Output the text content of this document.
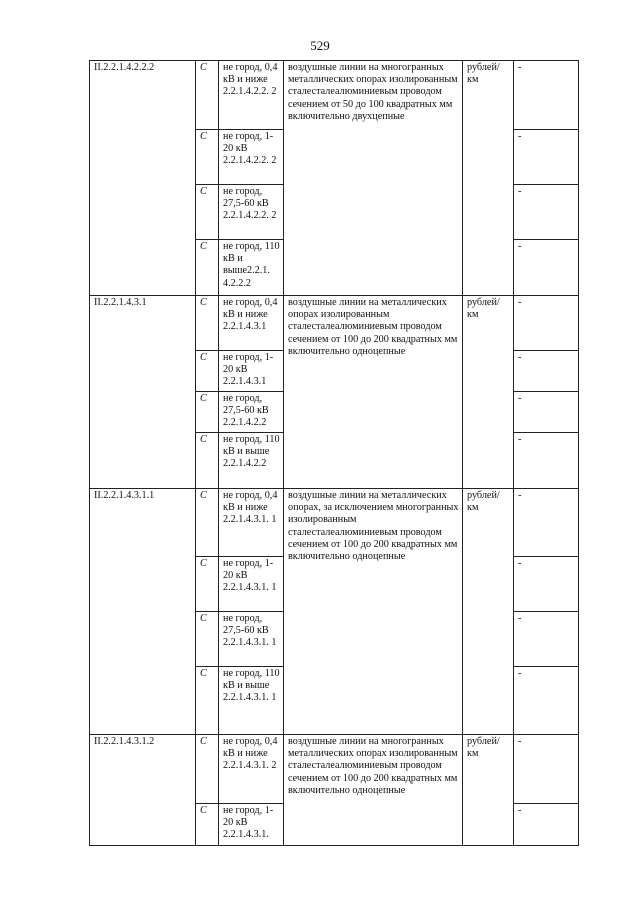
529
II.2.2.1.4.2.2.2	С	не город, 0,4 кВ и ниже 2.2.1.4.2.2. 2	воздушные линии на многогранных металлических опорах изолированным сталесталеалюминиевым проводом сечением от 50 до 100 квадратных мм включительно двухцепные	рублей/ км	-
	С	не город, 1-20 кВ 2.2.1.4.2.2. 2			-
	С	не город, 27,5-60 кВ 2.2.1.4.2.2. 2			-
	С	не город, 110 кВ и выше2.2.1. 4.2.2.2			-
II.2.2.1.4.3.1	С	не город, 0,4 кВ и ниже 2.2.1.4.3.1	воздушные линии на металлических опорах изолированным сталесталеалюминиевым проводом сечением от 100 до 200 квадратных мм включительно одноцепные	рублей/ км	-
	С	не город, 1-20 кВ 2.2.1.4.3.1			-
	С	не город, 27,5-60 кВ 2.2.1.4.2.2			-
	С	не город, 110 кВ и выше 2.2.1.4.2.2			-
II.2.2.1.4.3.1.1	С	не город, 0,4 кВ и ниже 2.2.1.4.3.1. 1	воздушные линии на металлических опорах, за исключением многогранных изолированным сталесталеалюминиевым проводом сечением от 100 до 200 квадратных мм включительно одноцепные	рублей/ км	-
	С	не город, 1-20 кВ 2.2.1.4.3.1. 1			-
	С	не город, 27,5-60 кВ 2.2.1.4.3.1. 1			-
	С	не город, 110 кВ и выше 2.2.1.4.3.1. 1			-
II.2.2.1.4.3.1.2	С	не город, 0,4 кВ и ниже 2.2.1.4.3.1. 2	воздушные линии на многогранных металлических опорах изолированным сталесталеалюминиевым проводом сечением от 100 до 200 квадратных мм включительно одноцепные	рублей/ км	-
	С	не город, 1-20 кВ 2.2.1.4.3.1.			-
